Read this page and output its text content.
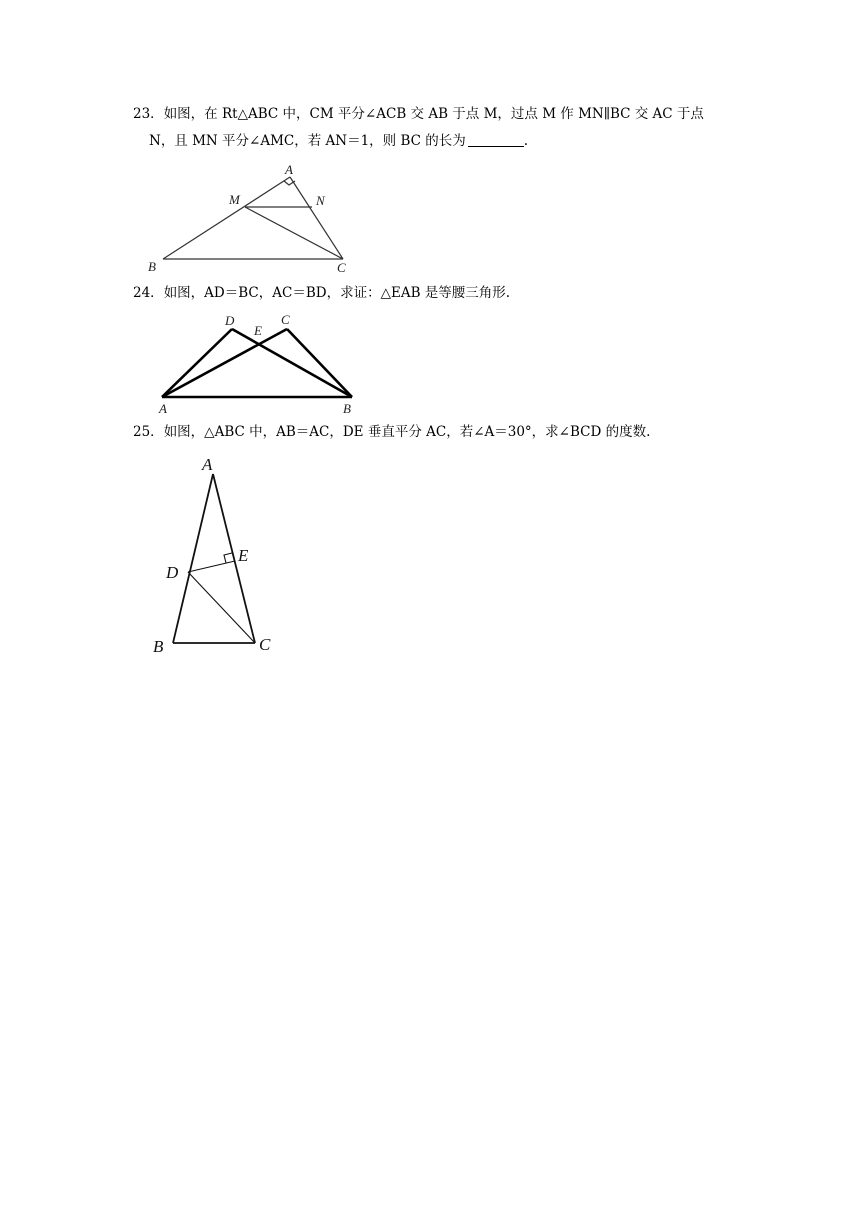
23．如图，在 Rt△ABC 中，CM 平分∠ACB 交 AB 于点 M，过点 M 作 MN∥BC 交 AC 于点
N，且 MN 平分∠AMC，若 AN＝1，则 BC 的长为	.
A
M	N
B	C
24．如图，AD＝BC，AC＝BD，求证：△EAB 是等腰三角形.
D
E
C
A	B
25．如图，△ABC 中，AB＝AC，DE 垂直平分 AC，若∠A＝30°，求∠BCD 的度数.
A
D
E
B	C
